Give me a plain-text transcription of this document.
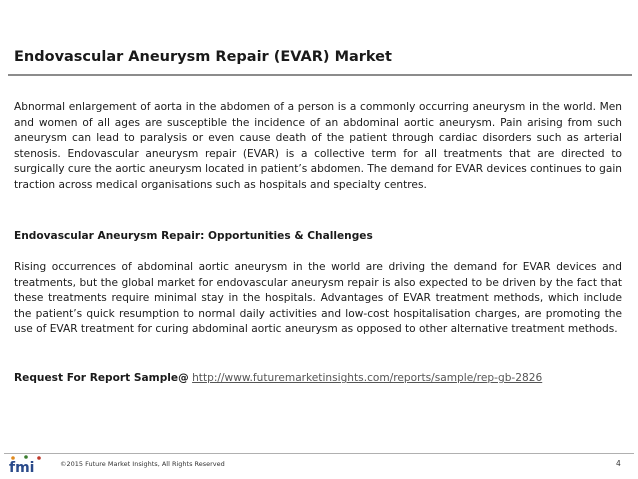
Endovascular Aneurysm Repair (EVAR) Market
Abnormal enlargement of aorta in the abdomen of a person is a commonly occurring aneurysm in the world. Men and women of all ages are susceptible the incidence of an abdominal aortic aneurysm. Pain arising from such aneurysm can lead to paralysis or even cause death of the patient through cardiac disorders such as arterial stenosis. Endovascular aneurysm repair (EVAR) is a collective term for all treatments that are directed to surgically cure the aortic aneurysm located in patient’s abdomen. The demand for EVAR devices continues to gain traction across medical organisations such as hospitals and specialty centres.
Endovascular Aneurysm Repair: Opportunities & Challenges
Rising occurrences of abdominal aortic aneurysm in the world are driving the demand for EVAR devices and treatments, but the global market for endovascular aneurysm repair is also expected to be driven by the fact that these treatments require minimal stay in the hospitals. Advantages of EVAR treatment methods, which include the patient’s quick resumption to normal daily activities and low-cost hospitalisation charges, are promoting the use of EVAR treatment for curing abdominal aortic aneurysm as opposed to other alternative treatment methods.
Request For Report Sample@ http://www.futuremarketinsights.com/reports/sample/rep-gb-2826
fmi	©2015 Future Market Insights, All Rights Reserved	4
